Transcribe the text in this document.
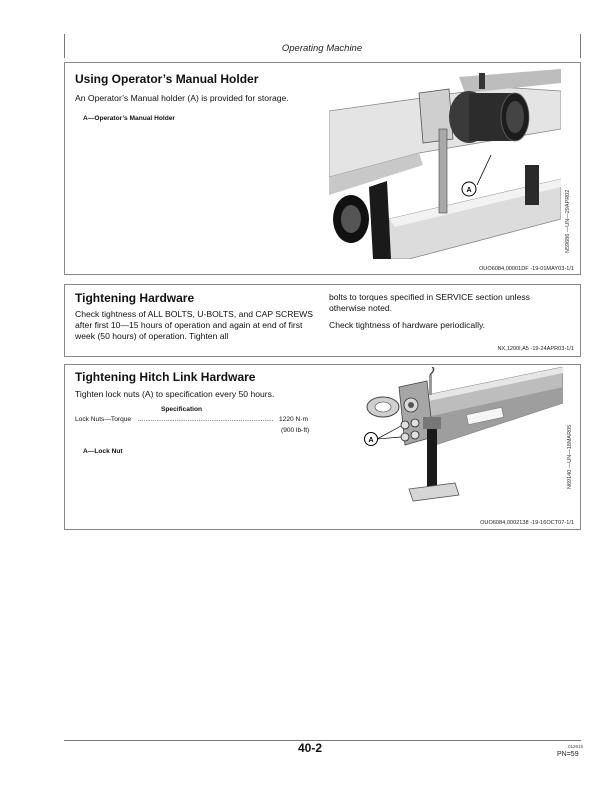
Operating Machine
Using Operator’s Manual Holder
An Operator’s Manual holder (A) is provided for storage.
A—Operator’s Manual Holder
A	N59686 —UN—29APR02
OUO6084,00001DF -19-01MAY03-1/1
Tightening Hardware
Check tightness of ALL BOLTS, U-BOLTS, and CAP SCREWS after first 10—15 hours of operation and again at end of first week (50 hours) of operation. Tighten all
bolts to torques specified in SERVICE section unless otherwise noted.
Check tightness of hardware periodically.
NX,1200l,A5 -19-24APR03-1/1
Tightening Hitch Link Hardware
Tighten lock nuts (A) to specification every 50 hours.
Specification
Lock Nuts—Torque .......................................................................... 1220 N·m
(900 lb-ft)
A—Lock Nut
A	N69140 —UN—18MAR05
OUO6084,0002138 -19-16OCT07-1/1
40-2	012615
PN=59
